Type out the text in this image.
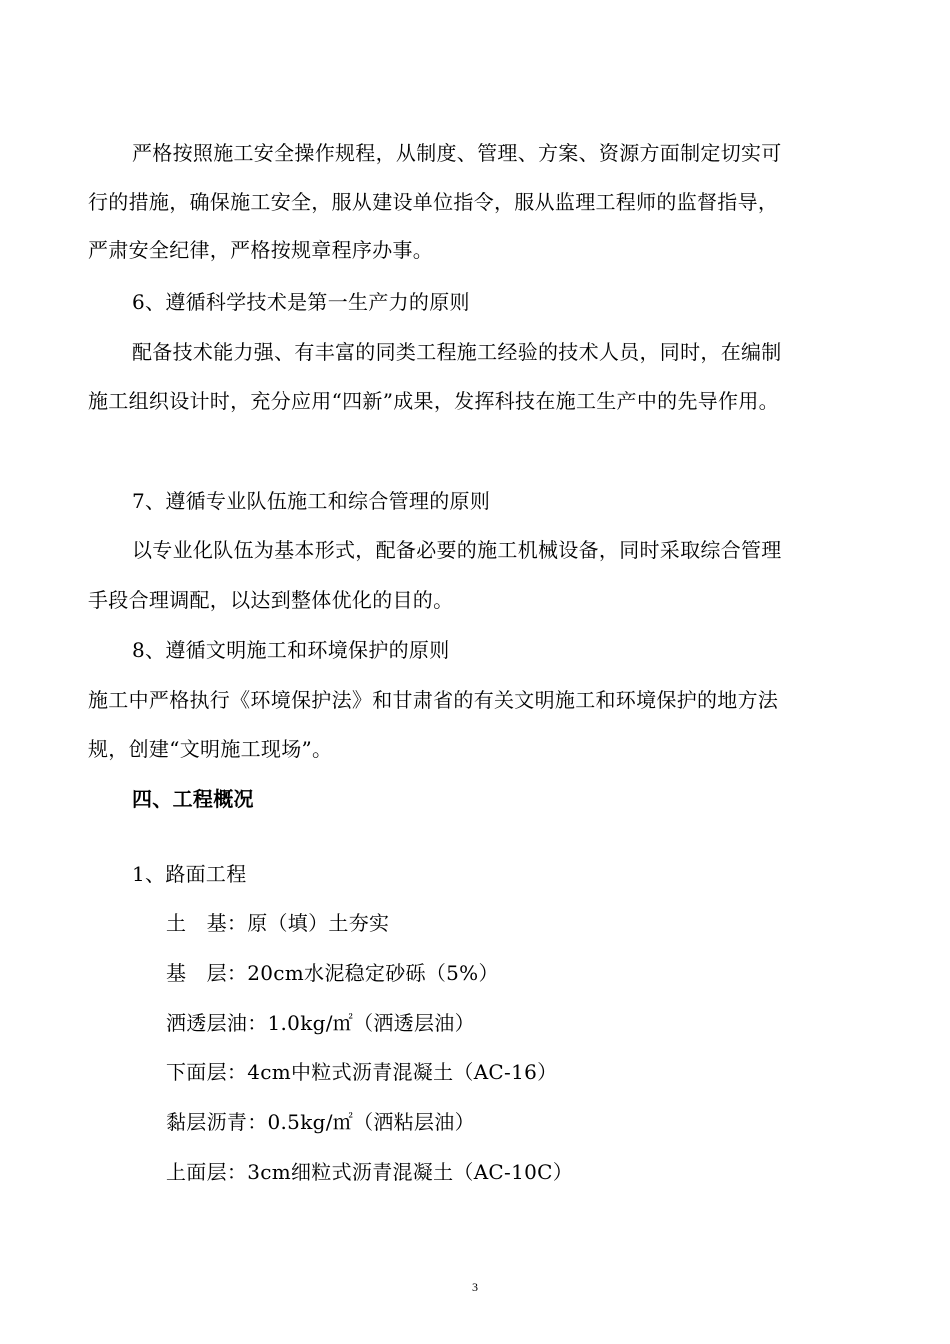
严格按照施工安全操作规程，从制度、管理、方案、资源方面制定切实可
行的措施，确保施工安全，服从建设单位指令，服从监理工程师的监督指导，
严肃安全纪律，严格按规章程序办事。
6、遵循科学技术是第一生产力的原则
配备技术能力强、有丰富的同类工程施工经验的技术人员，同时，在编制
施工组织设计时，充分应用“四新”成果，发挥科技在施工生产中的先导作用。
7、遵循专业队伍施工和综合管理的原则
以专业化队伍为基本形式，配备必要的施工机械设备，同时采取综合管理
手段合理调配，以达到整体优化的目的。
8、遵循文明施工和环境保护的原则
施工中严格执行《环境保护法》和甘肃省的有关文明施工和环境保护的地方法
规，创建“文明施工现场”。
四、工程概况
1、路面工程
土　基：原（填）土夯实
基　层：20cm水泥稳定砂砾（5%）
洒透层油：1.0kg/㎡（洒透层油）
下面层：4cm中粒式沥青混凝土（AC-16）
黏层沥青：0.5kg/㎡（洒粘层油）
上面层：3cm细粒式沥青混凝土（AC-10C）
3
